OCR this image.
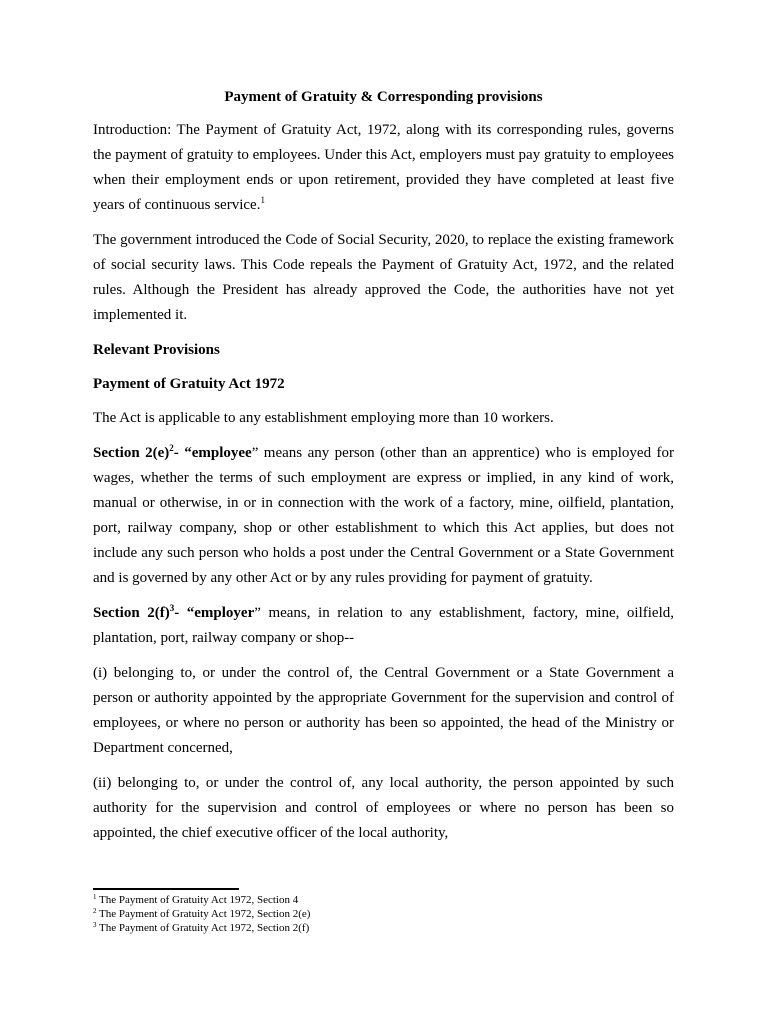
Payment of Gratuity & Corresponding provisions

Introduction: The Payment of Gratuity Act, 1972, along with its corresponding rules, governs the payment of gratuity to employees. Under this Act, employers must pay gratuity to employees when their employment ends or upon retirement, provided they have completed at least five years of continuous service.$^1$

The government introduced the Code of Social Security, 2020, to replace the existing framework of social security laws. This Code repeals the Payment of Gratuity Act, 1972, and the related rules. Although the President has already approved the Code, the authorities have not yet implemented it.

Relevant Provisions

Payment of Gratuity Act 1972

The Act is applicable to any establishment employing more than 10 workers.

Section $2(e)^2-$ “employee” means any person (other than an apprentice) who is employed for wages, whether the terms of such employment are express or implied, in any kind of work, manual or otherwise, in or in connection with the work of a factory, mine, oilfield, plantation, port, railway company, shop or other establishment to which this Act applies, but does not include any such person who holds a post under the Central Government or a State Government and is governed by any other Act or by any rules providing for payment of gratuity.

Section $2(f)^3-$ “employer” means, in relation to any establishment, factory, mine, oilfield, plantation, port, railway company or shop--

(i) belonging to, or under the control of, the Central Government or a State Government a person or authority appointed by the appropriate Government for the supervision and control of employees, or where no person or authority has been so appointed, the head of the Ministry or Department concerned,

(ii) belonging to, or under the control of, any local authority, the person appointed by such authority for the supervision and control of employees or where no person has been so appointed, the chief executive officer of the local authority,

$^1$ The Payment of Gratuity Act 1972, Section 4

$^2$ The Payment of Gratuity Act 1972, Section 2(e)

$^3$ The Payment of Gratuity Act 1972, Section 2(f)
